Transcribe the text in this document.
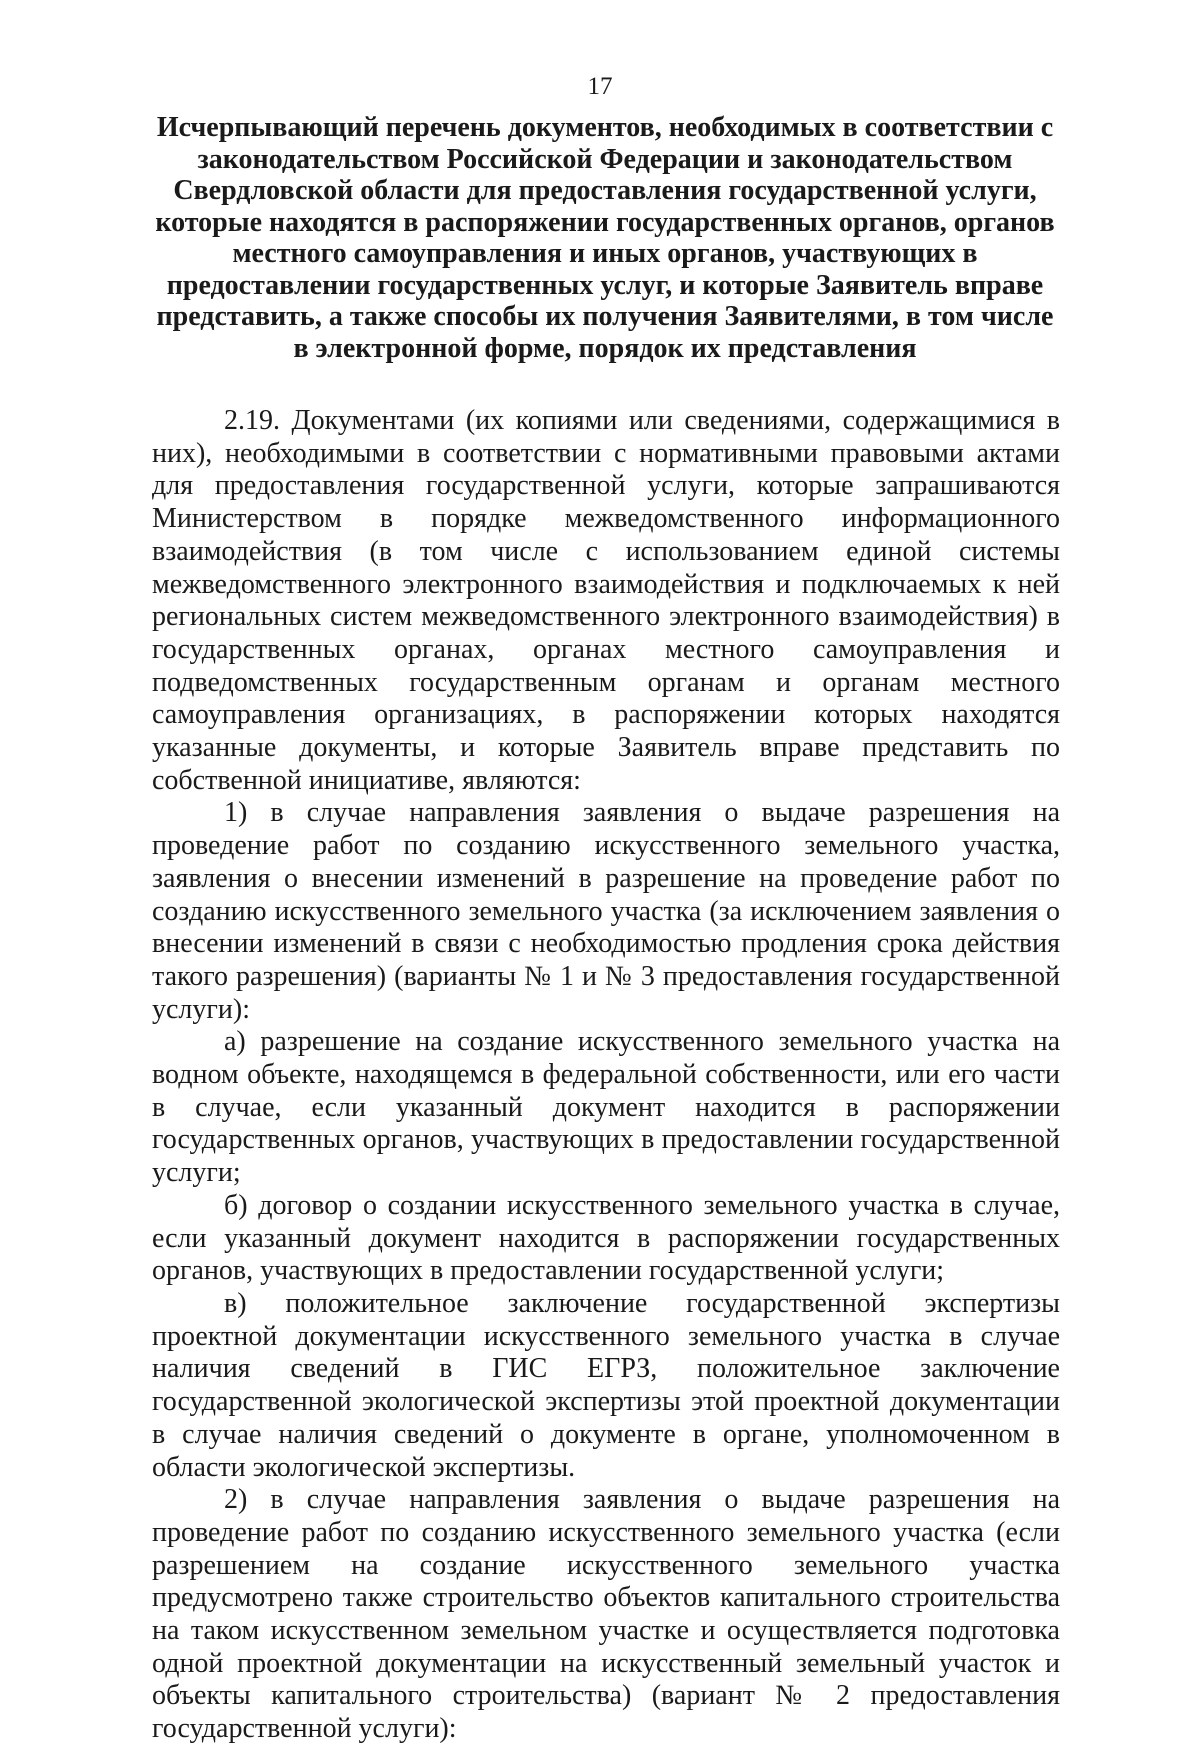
17
Исчерпывающий перечень документов, необходимых в соответствии с законодательством Российской Федерации и законодательством Свердловской области для предоставления государственной услуги, которые находятся в распоряжении государственных органов, органов местного самоуправления и иных органов, участвующих в предоставлении государственных услуг, и которые Заявитель вправе представить, а также способы их получения Заявителями, в том числе в электронной форме, порядок их представления

2.19. Документами (их копиями или сведениями, содержащимися в них), необходимыми в соответствии с нормативными правовыми актами для предоставления государственной услуги, которые запрашиваются Министерством в порядке межведомственного информационного взаимодействия (в том числе с использованием единой системы межведомственного электронного взаимодействия и подключаемых к ней региональных систем межведомственного электронного взаимодействия) в государственных органах, органах местного самоуправления и подведомственных государственным органам и органам местного самоуправления организациях, в распоряжении которых находятся указанные документы, и которые Заявитель вправе представить по собственной инициативе, являются:

1) в случае направления заявления о выдаче разрешения на проведение работ по созданию искусственного земельного участка, заявления о внесении изменений в разрешение на проведение работ по созданию искусственного земельного участка (за исключением заявления о внесении изменений в связи с необходимостью продления срока действия такого разрешения) (варианты № 1 и № 3 предоставления государственной услуги):

а) разрешение на создание искусственного земельного участка на водном объекте, находящемся в федеральной собственности, или его части в случае, если указанный документ находится в распоряжении государственных органов, участвующих в предоставлении государственной услуги;

б) договор о создании искусственного земельного участка в случае, если указанный документ находится в распоряжении государственных органов, участвующих в предоставлении государственной услуги;

в) положительное заключение государственной экспертизы проектной документации искусственного земельного участка в случае наличия сведений в ГИС ЕГРЗ, положительное заключение государственной экологической экспертизы этой проектной документации в случае наличия сведений о документе в органе, уполномоченном в области экологической экспертизы.

2) в случае направления заявления о выдаче разрешения на проведение работ по созданию искусственного земельного участка (если разрешением на создание искусственного земельного участка предусмотрено также строительство объектов капитального строительства на таком искусственном земельном участке и осуществляется подготовка одной проектной документации на искусственный земельный участок и объекты капитального строительства) (вариант № 2 предоставления государственной услуги):
